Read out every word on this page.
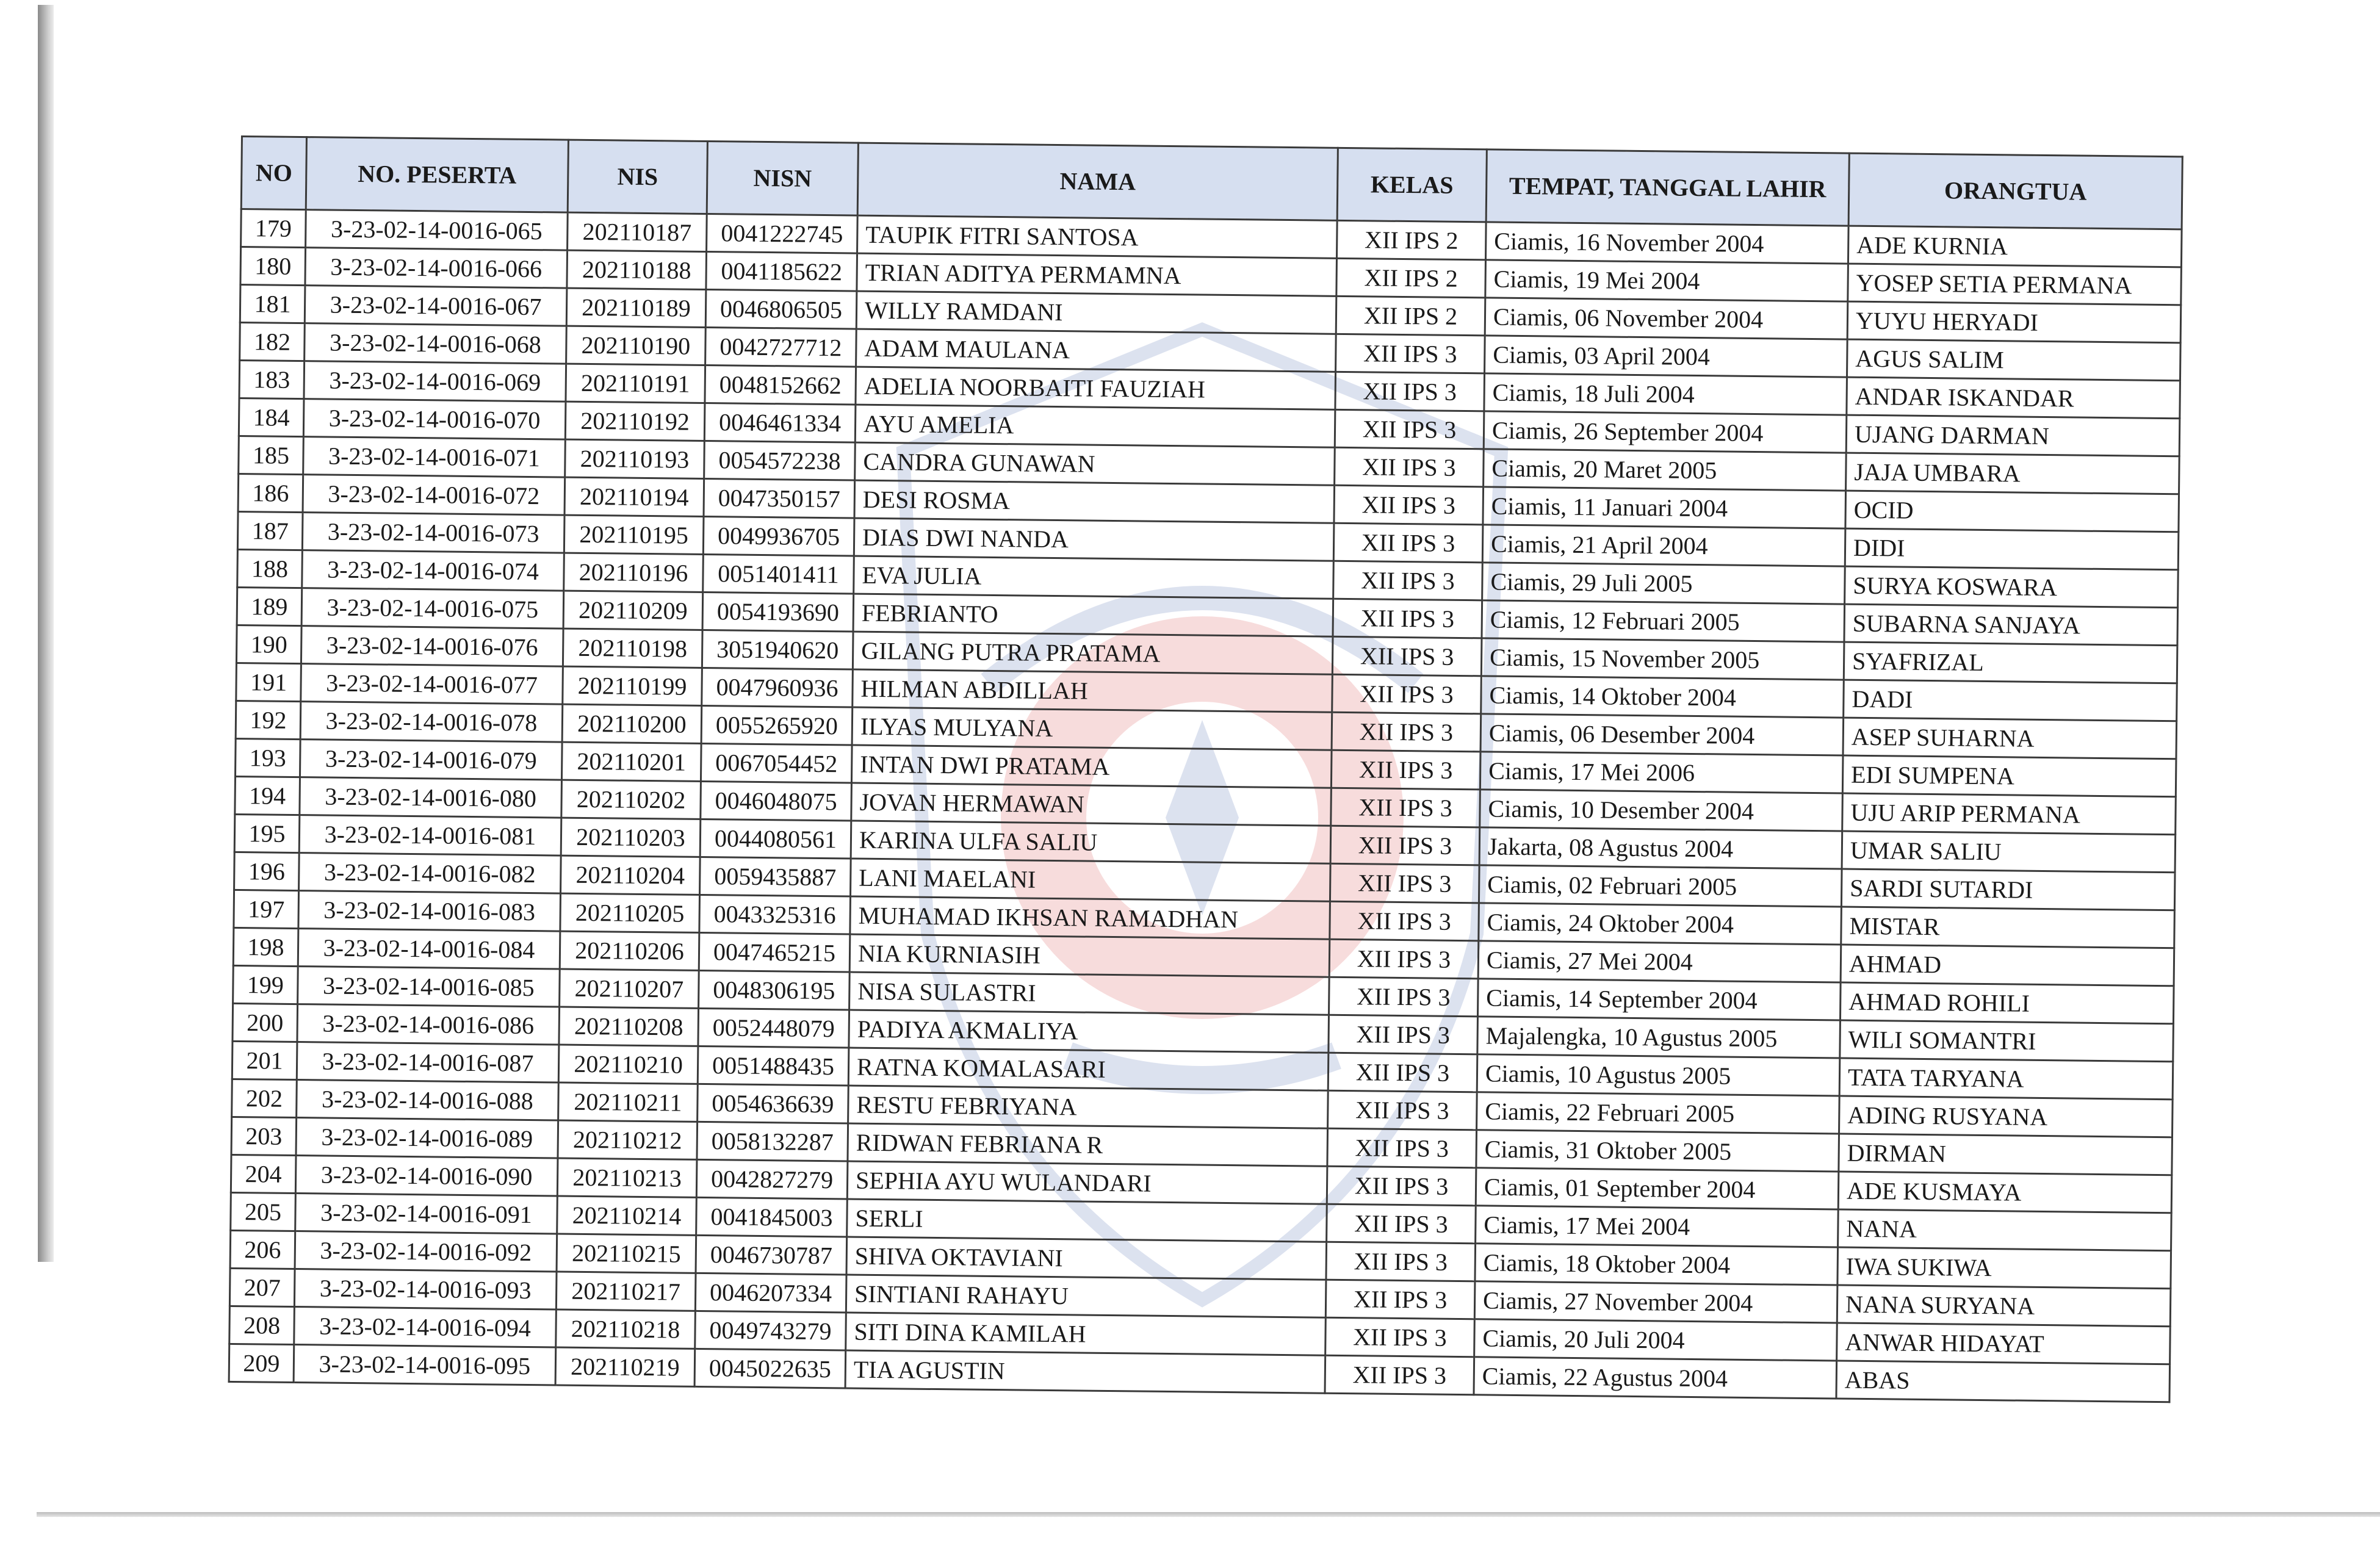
NO	NO. PESERTA	NIS	NISN	NAMA	KELAS	TEMPAT, TANGGAL LAHIR	ORANGTUA
179	3-23-02-14-0016-065	202110187	0041222745	TAUPIK FITRI SANTOSA	XII IPS 2	Ciamis, 16 November 2004	ADE KURNIA
180	3-23-02-14-0016-066	202110188	0041185622	TRIAN ADITYA PERMAMNA	XII IPS 2	Ciamis, 19 Mei 2004	YOSEP SETIA PERMANA
181	3-23-02-14-0016-067	202110189	0046806505	WILLY RAMDANI	XII IPS 2	Ciamis, 06 November 2004	YUYU HERYADI
182	3-23-02-14-0016-068	202110190	0042727712	ADAM MAULANA	XII IPS 3	Ciamis, 03 April 2004	AGUS SALIM
183	3-23-02-14-0016-069	202110191	0048152662	ADELIA NOORBAITI FAUZIAH	XII IPS 3	Ciamis, 18 Juli 2004	ANDAR ISKANDAR
184	3-23-02-14-0016-070	202110192	0046461334	AYU AMELIA	XII IPS 3	Ciamis, 26 September 2004	UJANG DARMAN
185	3-23-02-14-0016-071	202110193	0054572238	CANDRA GUNAWAN	XII IPS 3	Ciamis, 20 Maret 2005	JAJA UMBARA
186	3-23-02-14-0016-072	202110194	0047350157	DESI ROSMA	XII IPS 3	Ciamis, 11 Januari 2004	OCID
187	3-23-02-14-0016-073	202110195	0049936705	DIAS DWI NANDA	XII IPS 3	Ciamis, 21 April 2004	DIDI
188	3-23-02-14-0016-074	202110196	0051401411	EVA JULIA	XII IPS 3	Ciamis, 29 Juli 2005	SURYA KOSWARA
189	3-23-02-14-0016-075	202110209	0054193690	FEBRIANTO	XII IPS 3	Ciamis, 12 Februari 2005	SUBARNA SANJAYA
190	3-23-02-14-0016-076	202110198	3051940620	GILANG PUTRA PRATAMA	XII IPS 3	Ciamis, 15 November 2005	SYAFRIZAL
191	3-23-02-14-0016-077	202110199	0047960936	HILMAN ABDILLAH	XII IPS 3	Ciamis, 14 Oktober 2004	DADI
192	3-23-02-14-0016-078	202110200	0055265920	ILYAS MULYANA	XII IPS 3	Ciamis, 06 Desember 2004	ASEP SUHARNA
193	3-23-02-14-0016-079	202110201	0067054452	INTAN DWI PRATAMA	XII IPS 3	Ciamis, 17 Mei 2006	EDI SUMPENA
194	3-23-02-14-0016-080	202110202	0046048075	JOVAN HERMAWAN	XII IPS 3	Ciamis, 10 Desember 2004	UJU ARIP PERMANA
195	3-23-02-14-0016-081	202110203	0044080561	KARINA ULFA SALIU	XII IPS 3	Jakarta, 08 Agustus 2004	UMAR SALIU
196	3-23-02-14-0016-082	202110204	0059435887	LANI MAELANI	XII IPS 3	Ciamis, 02 Februari 2005	SARDI SUTARDI
197	3-23-02-14-0016-083	202110205	0043325316	MUHAMAD IKHSAN RAMADHAN	XII IPS 3	Ciamis, 24 Oktober 2004	MISTAR
198	3-23-02-14-0016-084	202110206	0047465215	NIA KURNIASIH	XII IPS 3	Ciamis, 27 Mei 2004	AHMAD
199	3-23-02-14-0016-085	202110207	0048306195	NISA SULASTRI	XII IPS 3	Ciamis, 14 September 2004	AHMAD ROHILI
200	3-23-02-14-0016-086	202110208	0052448079	PADIYA AKMALIYA	XII IPS 3	Majalengka, 10 Agustus 2005	WILI SOMANTRI
201	3-23-02-14-0016-087	202110210	0051488435	RATNA KOMALASARI	XII IPS 3	Ciamis, 10 Agustus 2005	TATA TARYANA
202	3-23-02-14-0016-088	202110211	0054636639	RESTU FEBRIYANA	XII IPS 3	Ciamis, 22 Februari 2005	ADING RUSYANA
203	3-23-02-14-0016-089	202110212	0058132287	RIDWAN FEBRIANA R	XII IPS 3	Ciamis, 31 Oktober 2005	DIRMAN
204	3-23-02-14-0016-090	202110213	0042827279	SEPHIA AYU WULANDARI	XII IPS 3	Ciamis, 01 September 2004	ADE KUSMAYA
205	3-23-02-14-0016-091	202110214	0041845003	SERLI	XII IPS 3	Ciamis, 17 Mei 2004	NANA
206	3-23-02-14-0016-092	202110215	0046730787	SHIVA OKTAVIANI	XII IPS 3	Ciamis, 18 Oktober 2004	IWA SUKIWA
207	3-23-02-14-0016-093	202110217	0046207334	SINTIANI RAHAYU	XII IPS 3	Ciamis, 27 November 2004	NANA SURYANA
208	3-23-02-14-0016-094	202110218	0049743279	SITI DINA KAMILAH	XII IPS 3	Ciamis, 20 Juli 2004	ANWAR HIDAYAT
209	3-23-02-14-0016-095	202110219	0045022635	TIA AGUSTIN	XII IPS 3	Ciamis, 22 Agustus 2004	ABAS
